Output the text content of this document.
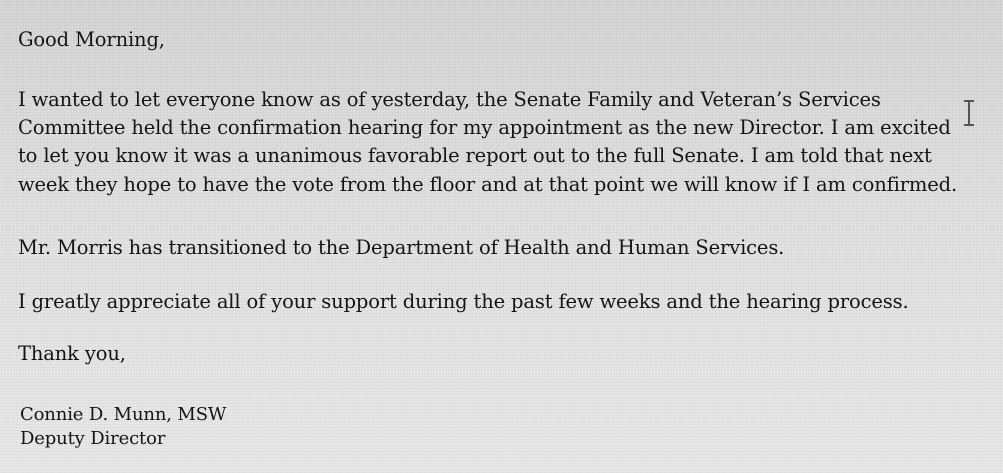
Good Morning,
I wanted to let everyone know as of yesterday, the Senate Family and Veteran’s Services
Committee held the confirmation hearing for my appointment as the new Director. I am excited
to let you know it was a unanimous favorable report out to the full Senate. I am told that next
week they hope to have the vote from the floor and at that point we will know if I am confirmed.
Mr. Morris has transitioned to the Department of Health and Human Services.
I greatly appreciate all of your support during the past few weeks and the hearing process.
Thank you,
Connie D. Munn, MSW
Deputy Director
